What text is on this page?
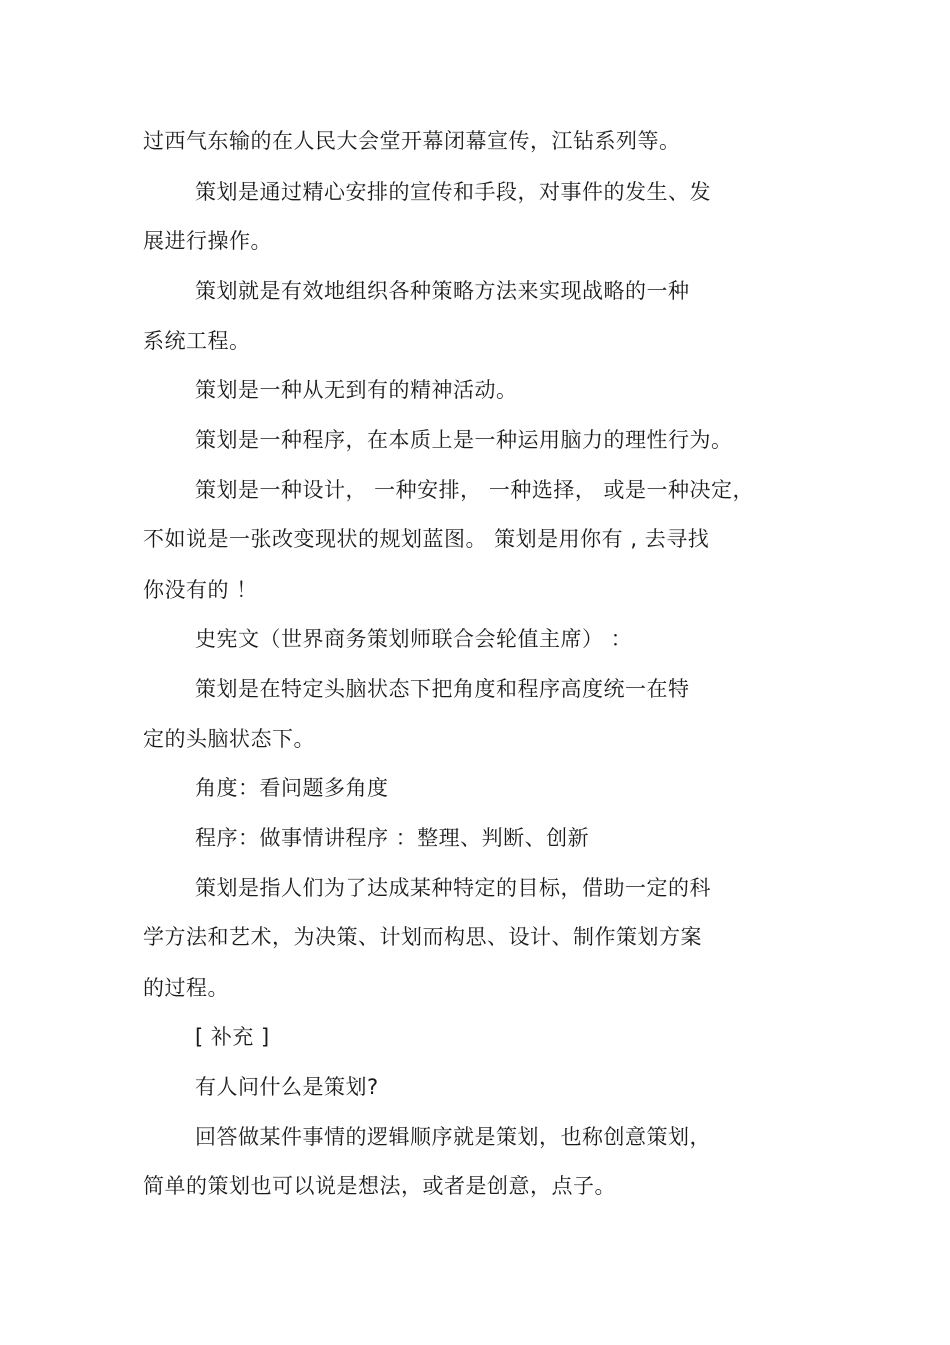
过西气东输的在人民大会堂开幕闭幕宣传，江钻系列等。
策划是通过精心安排的宣传和手段，对事件的发生、发
展进行操作。
策划就是有效地组织各种策略方法来实现战略的一种
系统工程。
策划是一种从无到有的精神活动。
策划是一种程序，在本质上是一种运用脑力的理性行为。
策划是一种设计， 一种安排， 一种选择， 或是一种决定，
不如说是一张改变现状的规划蓝图。 策划是用你有 , 去寻找
你没有的 ！
史宪文（世界商务策划师联合会轮值主席） ：
策划是在特定头脑状态下把角度和程序高度统一在特
定的头脑状态下。
角度：看问题多角度
程序：做事情讲程序 ：整理、判断、创新
策划是指人们为了达成某种特定的目标，借助一定的科
学方法和艺术，为决策、计划而构思、设计、制作策划方案
的过程。
[ 补充 ]
有人问什么是策划?
回答做某件事情的逻辑顺序就是策划，也称创意策划，
简单的策划也可以说是想法，或者是创意，点子。
